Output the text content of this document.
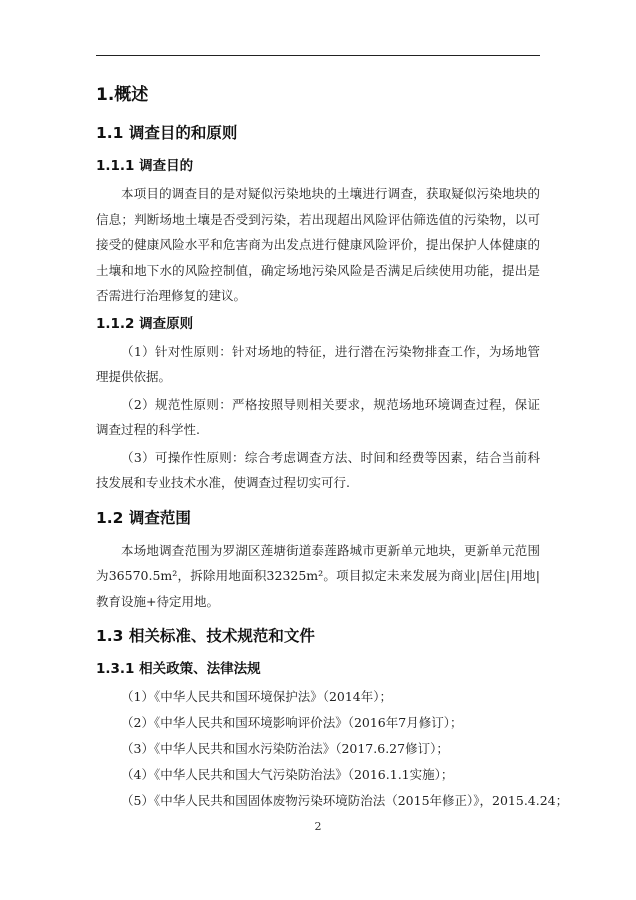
1.概述
1.1 调查目的和原则
1.1.1 调查目的

本项目的调查目的是对疑似污染地块的土壤进行调查，获取疑似污染地块的信息；判断场地土壤是否受到污染，若出现超出风险评估筛选值的污染物，以可接受的健康风险水平和危害商为出发点进行健康风险评价，提出保护人体健康的土壤和地下水的风险控制值，确定场地污染风险是否满足后续使用功能，提出是否需进行治理修复的建议。

1.1.2 调查原则

（1）针对性原则：针对场地的特征，进行潜在污染物排查工作，为场地管理提供依据。

（2）规范性原则：严格按照导则相关要求，规范场地环境调查过程，保证调查过程的科学性.

（3）可操作性原则：综合考虑调查方法、时间和经费等因素，结合当前科技发展和专业技术水准，使调查过程切实可行.

1.2 调查范围

本场地调查范围为罗湖区莲塘街道泰莲路城市更新单元地块，更新单元范围为36570.5m²，拆除用地面积32325m²。项目拟定未来发展为商业|居住|用地|教育设施+待定用地。

1.3 相关标准、技术规范和文件
1.3.1 相关政策、法律法规

（1）《中华人民共和国环境保护法》（2014年）；

（2）《中华人民共和国环境影响评价法》（2016年7月修订）；

（3）《中华人民共和国水污染防治法》（2017.6.27修订）；

（4）《中华人民共和国大气污染防治法》（2016.1.1实施）；

（5）《中华人民共和国固体废物污染环境防治法（2015年修正）》，2015.4.24；

2
